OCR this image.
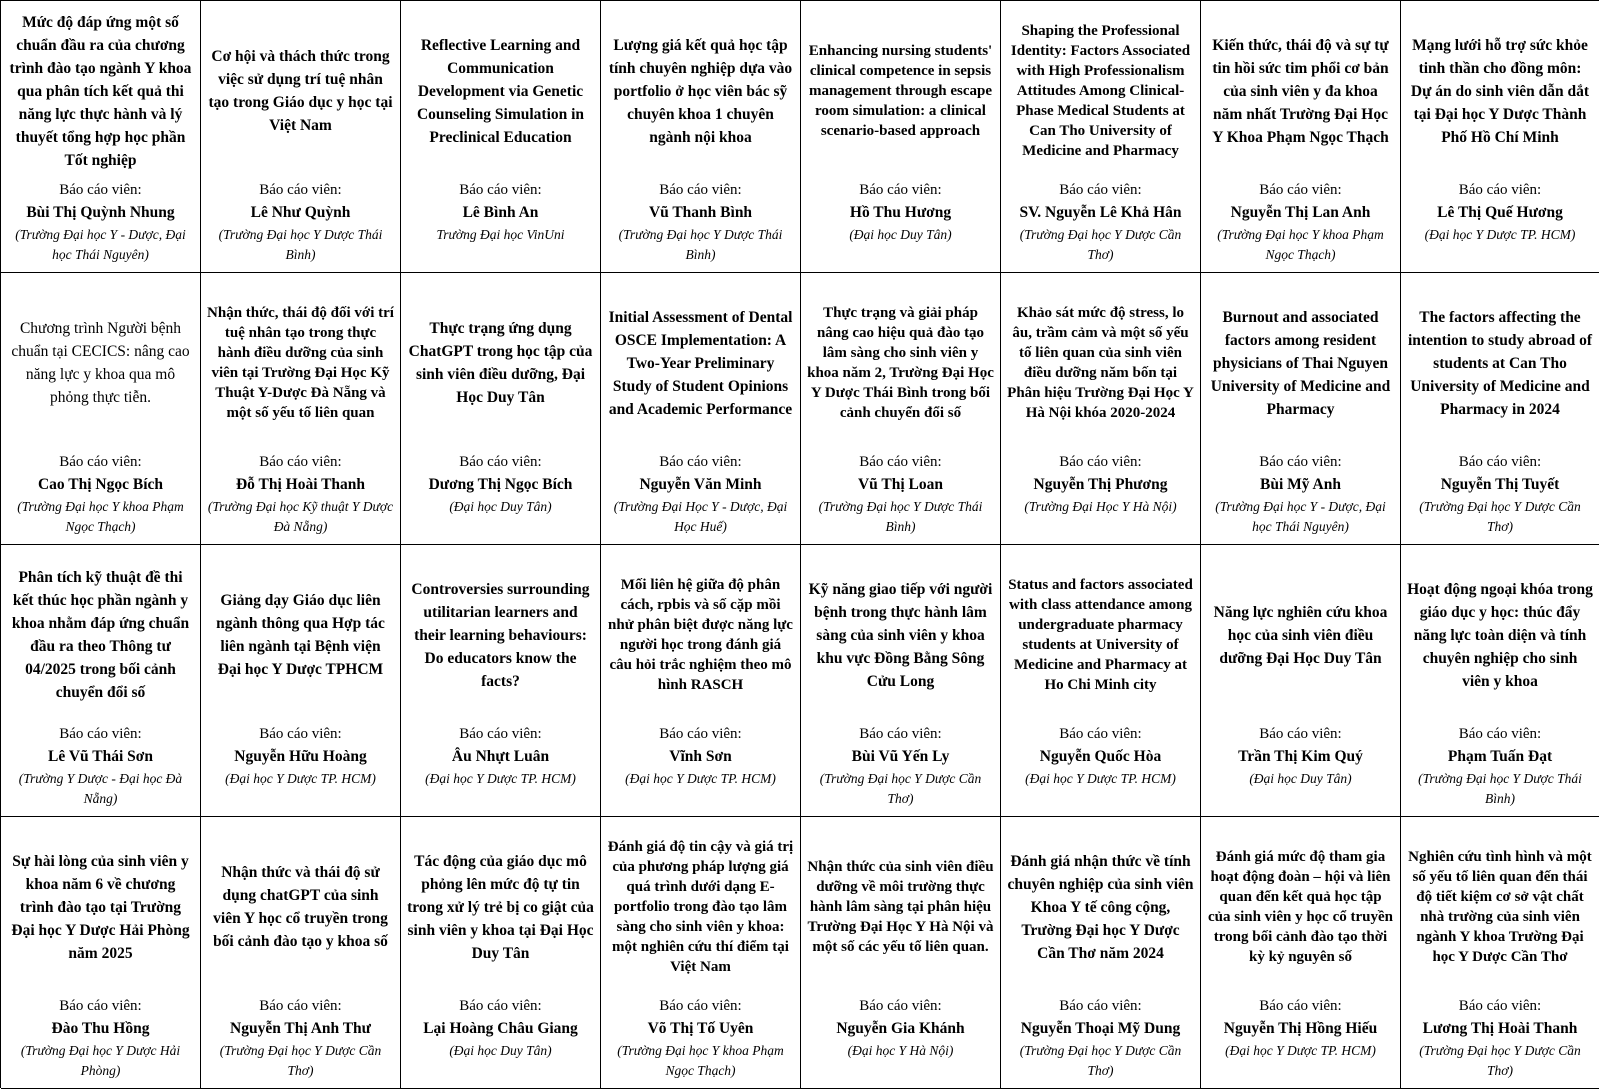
Mức độ đáp ứng một số chuẩn đầu ra của chương trình đào tạo ngành Y khoa qua phân tích kết quả thi năng lực thực hành và lý thuyết tổng hợp học phần Tốt nghiệp
Báo cáo viên:
Bùi Thị Quỳnh Nhung
(Trường Đại học Y - Dược, Đại học Thái Nguyên)
Cơ hội và thách thức trong việc sử dụng trí tuệ nhân tạo trong Giáo dục y học tại Việt Nam
Báo cáo viên:
Lê Như Quỳnh
(Trường Đại học Y Dược Thái Bình)
Reflective Learning and Communication Development via Genetic Counseling Simulation in Preclinical Education
Báo cáo viên:
Lê Bình An
Trường Đại học VinUni
Lượng giá kết quả học tập tính chuyên nghiệp dựa vào portfolio ở học viên bác sỹ chuyên khoa 1 chuyên ngành nội khoa
Báo cáo viên:
Vũ Thanh Bình
(Trường Đại học Y Dược Thái Bình)
Enhancing nursing students' clinical competence in sepsis management through escape room simulation: a clinical scenario-based approach
Báo cáo viên:
Hồ Thu Hương
(Đại học Duy Tân)
Shaping the Professional Identity: Factors Associated with High Professionalism Attitudes Among Clinical-Phase Medical Students at Can Tho University of Medicine and Pharmacy
Báo cáo viên:
SV. Nguyễn Lê Khả Hân
(Trường Đại học Y Dược Cần Thơ)
Kiến thức, thái độ và sự tự tin hồi sức tim phổi cơ bản của sinh viên y đa khoa năm nhất Trường Đại Học Y Khoa Phạm Ngọc Thạch
Báo cáo viên:
Nguyễn Thị Lan Anh
(Trường Đại học Y khoa Phạm Ngọc Thạch)
Mạng lưới hỗ trợ sức khỏe tinh thần cho đồng môn: Dự án do sinh viên dẫn dắt tại Đại học Y Dược Thành Phố Hồ Chí Minh
Báo cáo viên:
Lê Thị Quế Hương
(Đại học Y Dược TP. HCM)
Chương trình Người bệnh chuẩn tại CECICS: nâng cao năng lực y khoa qua mô phỏng thực tiễn.
Báo cáo viên:
Cao Thị Ngọc Bích
(Trường Đại học Y khoa Phạm Ngọc Thạch)
Nhận thức, thái độ đối với trí tuệ nhân tạo trong thực hành điều dưỡng của sinh viên tại Trường Đại Học Kỹ Thuật Y-Dược Đà Nẵng và một số yếu tố liên quan
Báo cáo viên:
Đỗ Thị Hoài Thanh
(Trường Đại học Kỹ thuật Y Dược Đà Nẵng)
Thực trạng ứng dụng ChatGPT trong học tập của sinh viên điều dưỡng, Đại Học Duy Tân
Báo cáo viên:
Dương Thị Ngọc Bích
(Đại học Duy Tân)
Initial Assessment of Dental OSCE Implementation: A Two-Year Preliminary Study of Student Opinions and Academic Performance
Báo cáo viên:
Nguyễn Văn Minh
(Trường Đại Học Y - Dược, Đại Học Huế)
Thực trạng và giải pháp nâng cao hiệu quả đào tạo lâm sàng cho sinh viên y khoa năm 2, Trường Đại Học Y Dược Thái Bình trong bối cảnh chuyển đổi số
Báo cáo viên:
Vũ Thị Loan
(Trường Đại học Y Dược Thái Bình)
Khảo sát mức độ stress, lo âu, trầm cảm và một số yếu tố liên quan của sinh viên điều dưỡng năm bốn tại Phân hiệu Trường Đại Học Y Hà Nội khóa 2020-2024
Báo cáo viên:
Nguyễn Thị Phương
(Trường Đại Học Y Hà Nội)
Burnout and associated factors among resident physicians of Thai Nguyen University of Medicine and Pharmacy
Báo cáo viên:
Bùi Mỹ Anh
(Trường Đại học Y - Dược, Đại học Thái Nguyên)
The factors affecting the intention to study abroad of students at Can Tho University of Medicine and Pharmacy in 2024
Báo cáo viên:
Nguyễn Thị Tuyết
(Trường Đại học Y Dược Cần Thơ)
Phân tích kỹ thuật đề thi kết thúc học phần ngành y khoa nhằm đáp ứng chuẩn đầu ra theo Thông tư 04/2025 trong bối cảnh chuyển đổi số
Báo cáo viên:
Lê Vũ Thái Sơn
(Trường Y Dược - Đại học Đà Nẵng)
Giảng dạy Giáo dục liên ngành thông qua Hợp tác liên ngành tại Bệnh viện Đại học Y Dược TPHCM
Báo cáo viên:
Nguyễn Hữu Hoàng
(Đại học Y Dược TP. HCM)
Controversies surrounding utilitarian learners and their learning behaviours: Do educators know the facts?
Báo cáo viên:
Âu Nhựt Luân
(Đại học Y Dược TP. HCM)
Mối liên hệ giữa độ phân cách, rpbis và số cặp mồi nhử phân biệt được năng lực người học trong đánh giá câu hỏi trắc nghiệm theo mô hình RASCH
Báo cáo viên:
Vĩnh Sơn
(Đại học Y Dược TP. HCM)
Kỹ năng giao tiếp với người bệnh trong thực hành lâm sàng của sinh viên y khoa khu vực Đồng Bằng Sông Cửu Long
Báo cáo viên:
Bùi Vũ Yến Ly
(Trường Đại học Y Dược Cần Thơ)
Status and factors associated with class attendance among undergraduate pharmacy students at University of Medicine and Pharmacy at Ho Chi Minh city
Báo cáo viên:
Nguyễn Quốc Hòa
(Đại học Y Dược TP. HCM)
Năng lực nghiên cứu khoa học của sinh viên điều dưỡng Đại Học Duy Tân
Báo cáo viên:
Trần Thị Kim Quý
(Đại học Duy Tân)
Hoạt động ngoại khóa trong giáo dục y học: thúc đẩy năng lực toàn diện và tính chuyên nghiệp cho sinh viên y khoa
Báo cáo viên:
Phạm Tuấn Đạt
(Trường Đại học Y Dược Thái Bình)
Sự hài lòng của sinh viên y khoa năm 6 về chương trình đào tạo tại Trường Đại học Y Dược Hải Phòng năm 2025
Báo cáo viên:
Đào Thu Hồng
(Trường Đại học Y Dược Hải Phòng)
Nhận thức và thái độ sử dụng chatGPT của sinh viên Y học cổ truyền trong bối cảnh đào tạo y khoa số
Báo cáo viên:
Nguyễn Thị Anh Thư
(Trường Đại học Y Dược Cần Thơ)
Tác động của giáo dục mô phỏng lên mức độ tự tin trong xử lý trẻ bị co giật của sinh viên y khoa tại Đại Học Duy Tân
Báo cáo viên:
Lại Hoàng Châu Giang
(Đại học Duy Tân)
Đánh giá độ tin cậy và giá trị của phương pháp lượng giá quá trình dưới dạng E-portfolio trong đào tạo lâm sàng cho sinh viên y khoa: một nghiên cứu thí điểm tại Việt Nam
Báo cáo viên:
Võ Thị Tố Uyên
(Trường Đại học Y khoa Phạm Ngọc Thạch)
Nhận thức của sinh viên điều dưỡng về môi trường thực hành lâm sàng tại phân hiệu Trường Đại Học Y Hà Nội và một số các yếu tố liên quan.
Báo cáo viên:
Nguyễn Gia Khánh
(Đại học Y Hà Nội)
Đánh giá nhận thức về tính chuyên nghiệp của sinh viên Khoa Y tế công cộng, Trường Đại học Y Dược Cần Thơ năm 2024
Báo cáo viên:
Nguyễn Thoại Mỹ Dung
(Trường Đại học Y Dược Cần Thơ)
Đánh giá mức độ tham gia hoạt động đoàn – hội và liên quan đến kết quả học tập của sinh viên y học cổ truyền trong bối cảnh đào tạo thời kỳ kỷ nguyên số
Báo cáo viên:
Nguyễn Thị Hồng Hiếu
(Đại học Y Dược TP. HCM)
Nghiên cứu tình hình và một số yếu tố liên quan đến thái độ tiết kiệm cơ sở vật chất nhà trường của sinh viên ngành Y khoa Trường Đại học Y Dược Cần Thơ
Báo cáo viên:
Lương Thị Hoài Thanh
(Trường Đại học Y Dược Cần Thơ)
